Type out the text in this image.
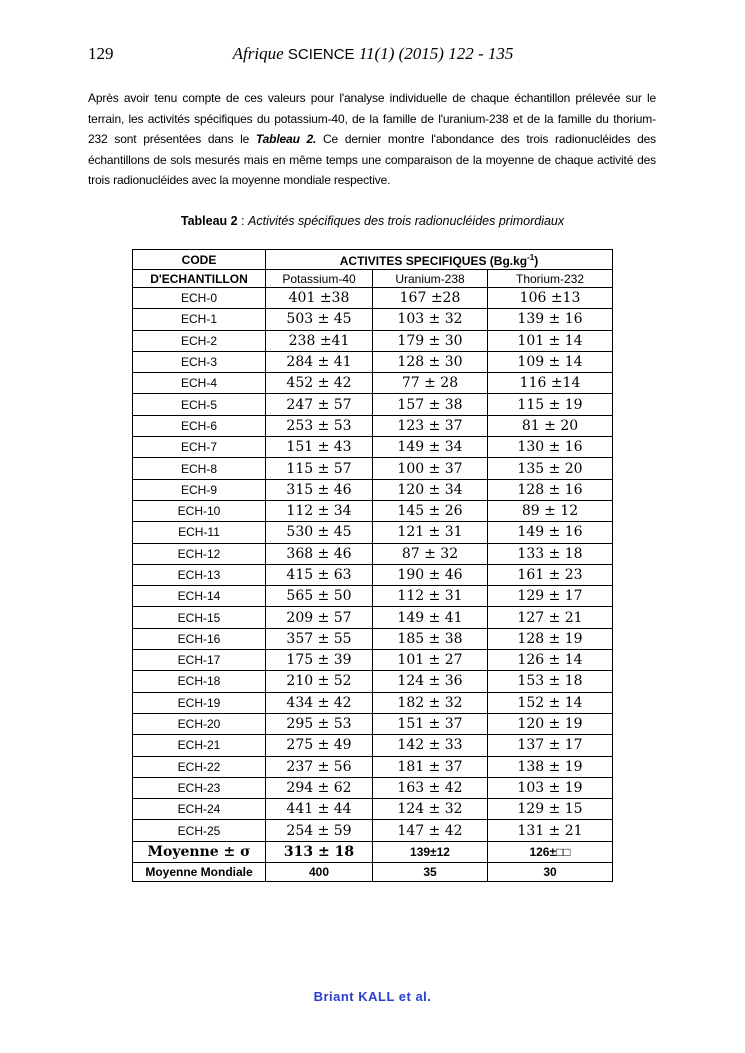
129	Afrique SCIENCE 11(1) (2015) 122 - 135

Après avoir tenu compte de ces valeurs pour l'analyse individuelle de chaque échantillon prélevée sur le terrain, les activités spécifiques du potassium-40, de la famille de l'uranium-238 et de la famille du thorium-232 sont présentées dans le Tableau 2. Ce dernier montre l'abondance des trois radionucléides des échantillons de sols mesurés mais en même temps une comparaison de la moyenne de chaque activité des trois radionucléides avec la moyenne mondiale respective.

Tableau 2 : Activités spécifiques des trois radionucléides primordiaux
CODE	ACTIVITES SPECIFIQUES $(Bg.kg^{-1})$		
D'ECHANTILLON	Potassium-40	Uranium-238	Thorium-232
ECH-0	401 ±38	167 ±28	106 ±13
ECH-1	503 ± 45	103 ± 32	139 ± 16
ECH-2	238 ±41	179 ± 30	101 ± 14
ECH-3	284 ± 41	128 ± 30	109 ± 14
ECH-4	452 ± 42	77 ± 28	116 ±14
ECH-5	247 ± 57	157 ± 38	115 ± 19
ECH-6	253 ± 53	123 ± 37	81 ± 20
ECH-7	151 ± 43	149 ± 34	130 ± 16
ECH-8	115 ± 57	100 ± 37	135 ± 20
ECH-9	315 ± 46	120 ± 34	128 ± 16
ECH-10	112 ± 34	145 ± 26	89 ± 12
ECH-11	530 ± 45	121 ± 31	149 ± 16
ECH-12	368 ± 46	87 ± 32	133 ± 18
ECH-13	415 ± 63	190 ± 46	161 ± 23
ECH-14	565 ± 50	112 ± 31	129 ± 17
ECH-15	209 ± 57	149 ± 41	127 ± 21
ECH-16	357 ± 55	185 ± 38	128 ± 19
ECH-17	175 ± 39	101 ± 27	126 ± 14
ECH-18	210 ± 52	124 ± 36	153 ± 18
ECH-19	434 ± 42	182 ± 32	152 ± 14
ECH-20	295 ± 53	151 ± 37	120 ± 19
ECH-21	275 ± 49	142 ± 33	137 ± 17
ECH-22	237 ± 56	181 ± 37	138 ± 19
ECH-23	294 ± 62	163 ± 42	103 ± 19
ECH-24	441 ± 44	124 ± 32	129 ± 15
ECH-25	254 ± 59	147 ± 42	131 ± 21
Moyenne ± σ	313 ± 18	139±12	126±□□
Moyenne Mondiale	400	35	30
Briant KALL et al.
